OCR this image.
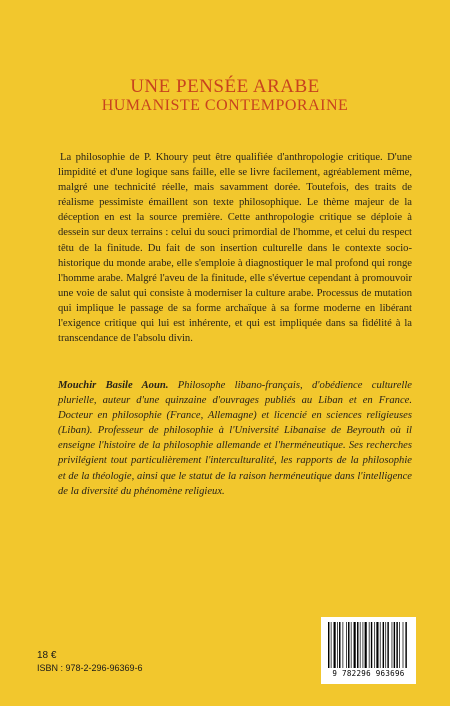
UNE PENSÉE ARABE
HUMANISTE CONTEMPORAINE
La philosophie de P. Khoury peut être qualifiée d'anthropologie critique. D'une limpidité et d'une logique sans faille, elle se livre facilement, agréablement même, malgré une technicité réelle, mais savamment dorée. Toutefois, des traits de réalisme pessimiste émaillent son texte philosophique. Le thème majeur de la déception en est la source première. Cette anthropologie critique se déploie à dessein sur deux terrains : celui du souci primordial de l'homme, et celui du respect têtu de la finitude. Du fait de son insertion culturelle dans le contexte socio-historique du monde arabe, elle s'emploie à diagnostiquer le mal profond qui ronge l'homme arabe. Malgré l'aveu de la finitude, elle s'évertue cependant à promouvoir une voie de salut qui consiste à moderniser la culture arabe. Processus de mutation qui implique le passage de sa forme archaïque à sa forme moderne en libérant l'exigence critique qui lui est inhérente, et qui est impliquée dans sa fidélité à la transcendance de l'absolu divin.
Mouchir Basile Aoun. Philosophe libano-français, d'obédience culturelle plurielle, auteur d'une quinzaine d'ouvrages publiés au Liban et en France. Docteur en philosophie (France, Allemagne) et licencié en sciences religieuses (Liban). Professeur de philosophie à l'Université Libanaise de Beyrouth où il enseigne l'histoire de la philosophie allemande et l'herméneutique. Ses recherches privilégient tout particulièrement l'interculturalité, les rapports de la philosophie et de la théologie, ainsi que le statut de la raison herméneutique dans l'intelligence de la diversité du phénomène religieux.
18 €
ISBN : 978-2-296-96369-6
9 782296 963696
